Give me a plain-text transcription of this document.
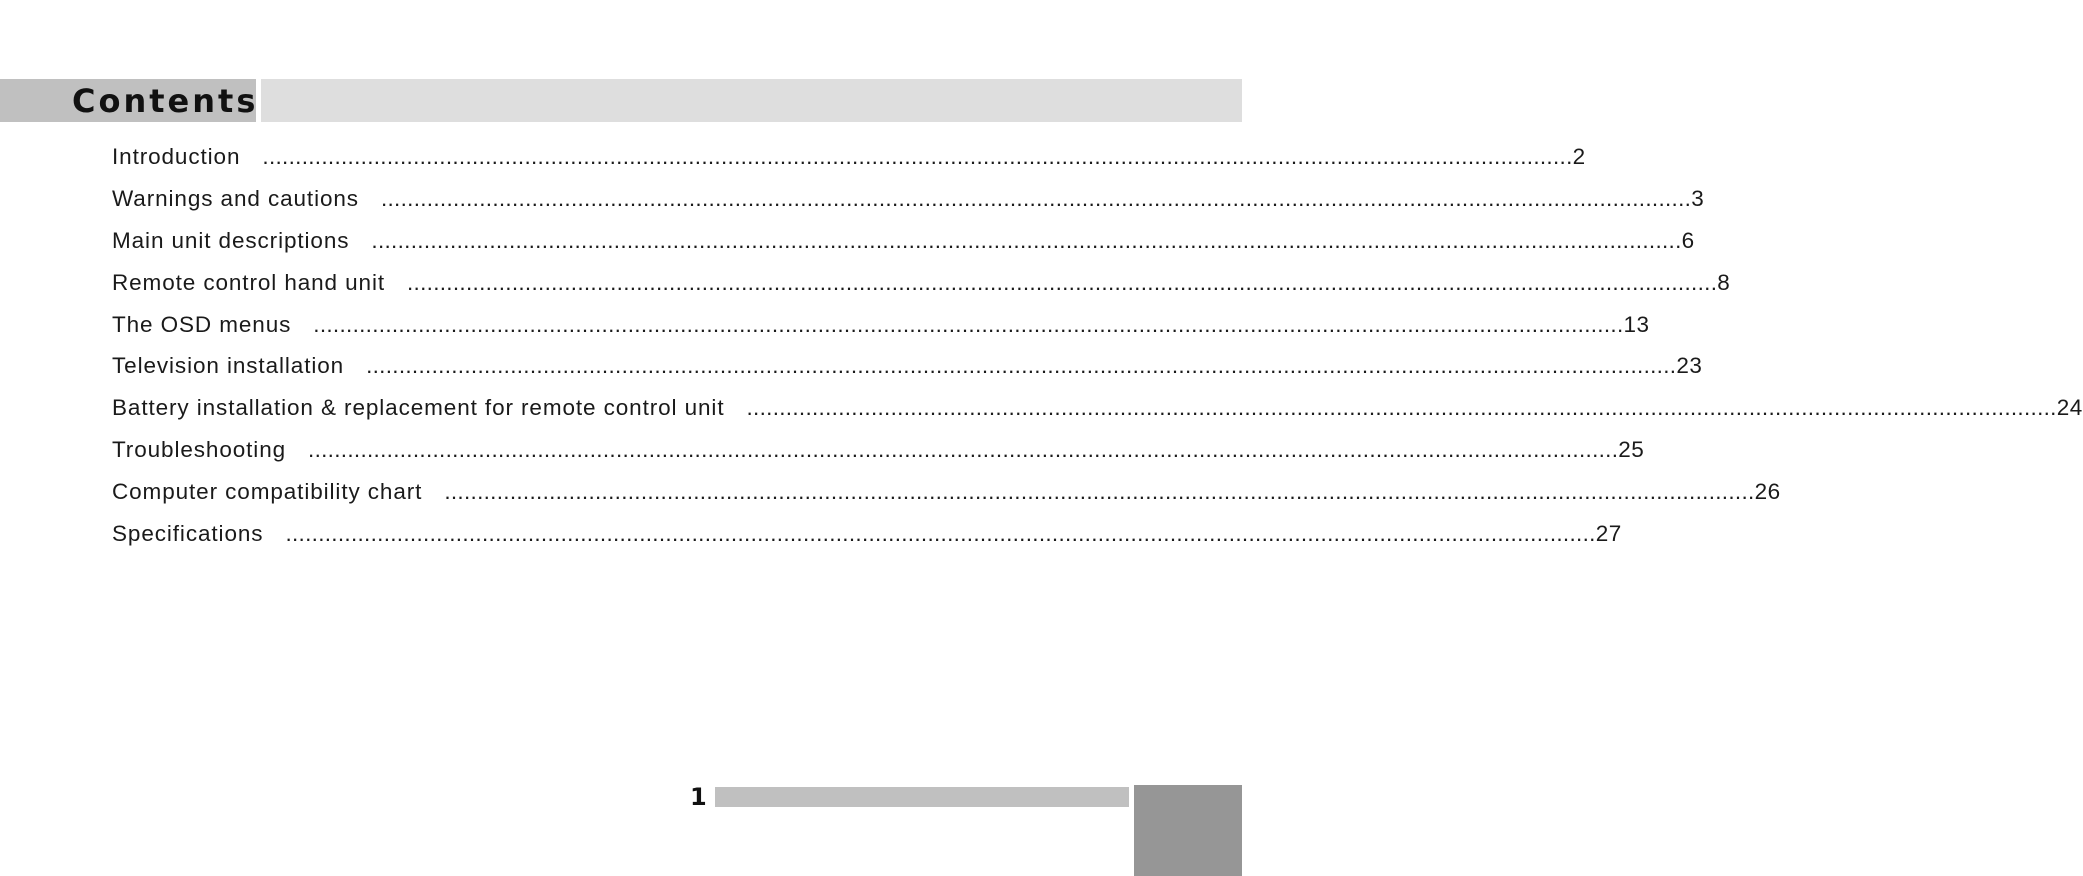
Contents
Introduction ........................................................................................................................................................................................................ 2
Warnings and cautions ........................................................................................................................................................................................................ 3
Main unit descriptions ........................................................................................................................................................................................................ 6
Remote control hand unit ........................................................................................................................................................................................................ 8
The OSD menus ........................................................................................................................................................................................................ 13
Television installation ........................................................................................................................................................................................................ 23
Battery installation & replacement for remote control unit ........................................................................................................................................................................................................ 24
Troubleshooting ........................................................................................................................................................................................................ 25
Computer compatibility chart ........................................................................................................................................................................................................ 26
Specifications ........................................................................................................................................................................................................ 27
1
